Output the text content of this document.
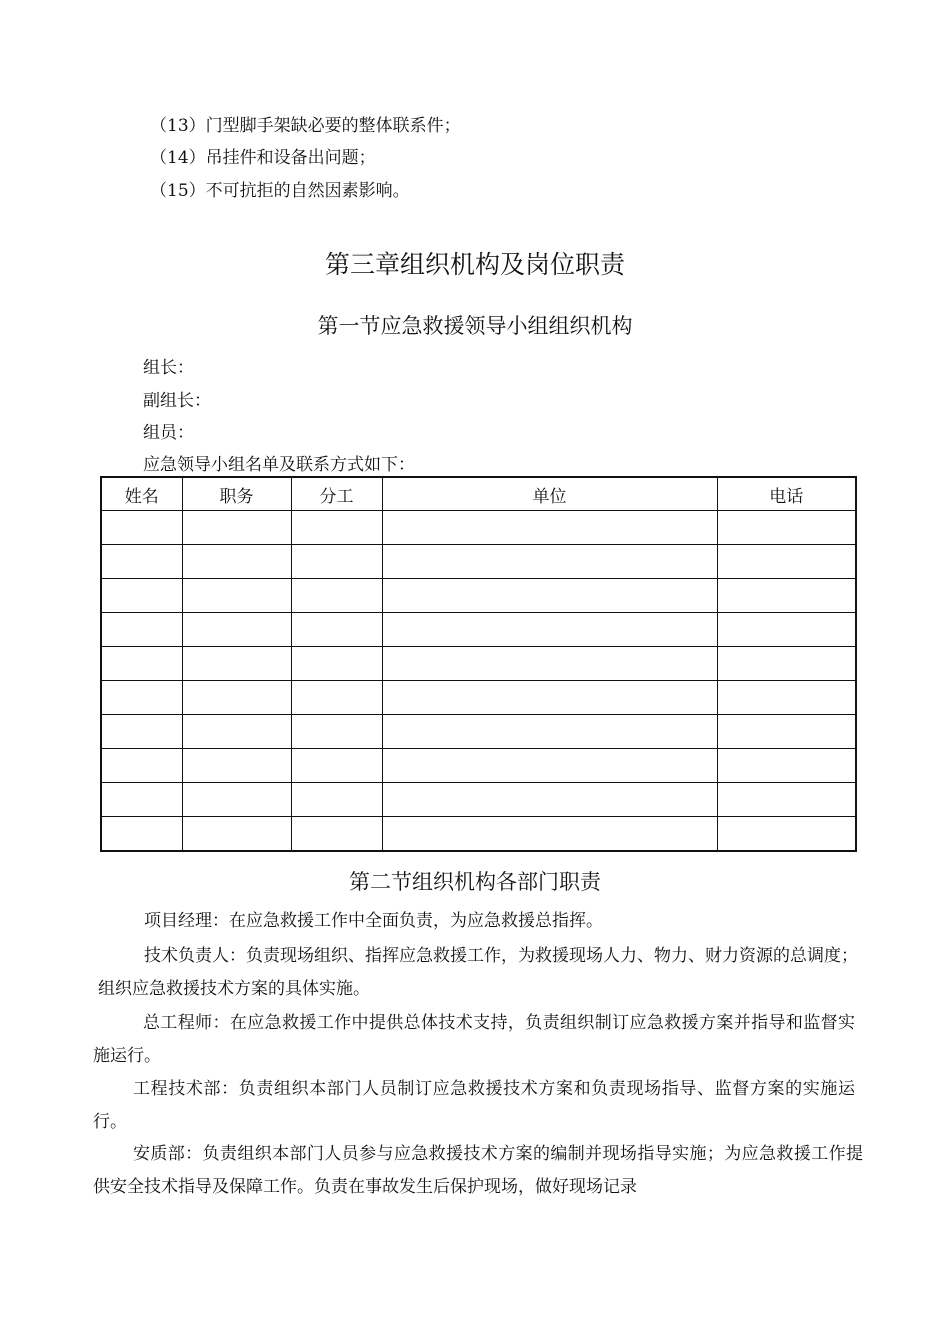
（13）门型脚手架缺必要的整体联系件；
（14）吊挂件和设备出问题；
（15）不可抗拒的自然因素影响。
第三章组织机构及岗位职责
第一节应急救援领导小组组织机构
组长：
副组长：
组员：
应急领导小组名单及联系方式如下：
姓名	职务	分工	单位	电话

第二节组织机构各部门职责
项目经理：在应急救援工作中全面负责，为应急救援总指挥。
技术负责人：负责现场组织、指挥应急救援工作，为救援现场人力、物力、财力资源的总调度；组织应急救援技术方案的具体实施。
总工程师：在应急救援工作中提供总体技术支持，负责组织制订应急救援方案并指导和监督实施运行。
工程技术部：负责组织本部门人员制订应急救援技术方案和负责现场指导、监督方案的实施运行。
安质部：负责组织本部门人员参与应急救援技术方案的编制并现场指导实施；为应急救援工作提供安全技术指导及保障工作。负责在事故发生后保护现场，做好现场记录
